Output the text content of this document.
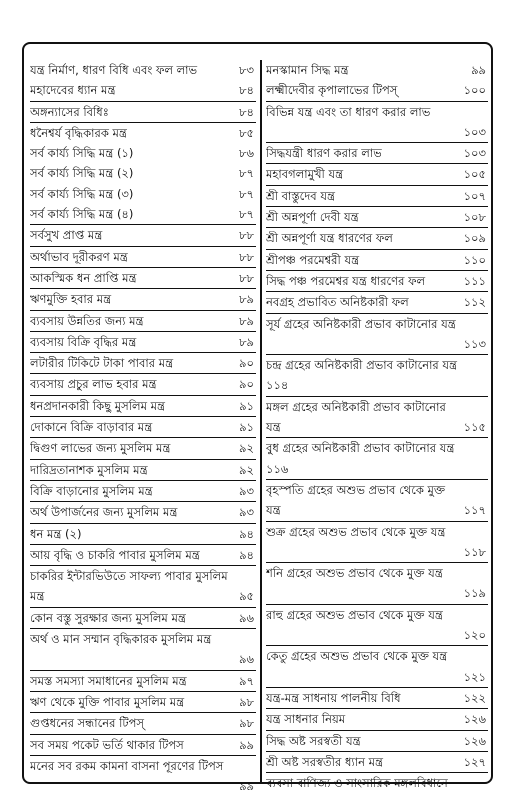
যন্ত্র নির্মাণ, ধারণ বিধি এবং ফল লাভ	৮৩
মহাদেবের ধ্যান মন্ত্র	৮৪
অঙ্গন্যাসের বিধিঃ	৮৪
ধনৈশ্বর্য বৃদ্ধিকারক মন্ত্র	৮৫
সর্ব কার্য্য সিদ্ধি মন্ত্র (১)	৮৬
সর্ব কার্য্য সিদ্ধি মন্ত্র (২)	৮৭
সর্ব কার্য্য সিদ্ধি মন্ত্র (৩)	৮৭
সর্ব কার্য্য সিদ্ধি মন্ত্র (৪)	৮৭
সর্বসুখ প্রাপ্ত মন্ত্র	৮৮
অর্থাভাব দূরীকরণ মন্ত্র	৮৮
আকস্মিক ধন প্রাপ্তি মন্ত্র	৮৮
ঋণমুক্তি হবার মন্ত্র	৮৯
ব্যবসায় উন্নতির জন্য মন্ত্র	৮৯
ব্যবসায় বিক্রি বৃদ্ধির মন্ত্র	৮৯
লটারীর টিকিটে টাকা পাবার মন্ত্র	৯০
ব্যবসায় প্রচুর লাভ হবার মন্ত্র	৯০
ধনপ্রদানকারী কিছু মুসলিম মন্ত্র	৯১
দোকানে বিক্রি বাড়াবার মন্ত্র	৯১
দ্বিগুণ লাভের জন্য মুসলিম মন্ত্র	৯২
দারিদ্রতানাশক মুসলিম মন্ত্র	৯২
বিক্রি বাড়ানোর মুসলিম মন্ত্র	৯৩
অর্থ উপার্জনের জন্য মুসলিম মন্ত্র	৯৩
ধন মন্ত্র (২)	৯৪
আয় বৃদ্ধি ও চাকরি পাবার মুসলিম মন্ত্র	৯৪
চাকরির ইন্টারভিউতে সাফল্য পাবার মুসলিম
মন্ত্র	৯৫
কোন বস্তু সুরক্ষার জন্য মুসলিম মন্ত্র	৯৬
অর্থ ও মান সম্মান বৃদ্ধিকারক মুসলিম মন্ত্র
৯৬
সমস্ত সমস্যা সমাধানের মুসলিম মন্ত্র	৯৭
ঋণ থেকে মুক্তি পাবার মুসলিম মন্ত্র	৯৮
গুপ্তধনের সন্ধানের টিপস্	৯৮
সব সময় পকেট ভর্তি থাকার টিপস	৯৯
মনের সব রকম কামনা বাসনা পূরণের টিপস
৯৯
মনস্কামান সিদ্ধ মন্ত্র	৯৯
লক্ষ্মীদেবীর কৃপালাভের টিপস্	১০০
বিভিন্ন যন্ত্র এবং তা ধারণ করার লাভ
১০৩
সিদ্ধযন্ত্রী ধারণ করার লাভ	১০৩
মহাবগলামুখী যন্ত্র	১০৫
শ্রী বাস্তুদেব যন্ত্র	১০৭
শ্রী অন্নপূর্ণা দেবী যন্ত্র	১০৮
শ্রী অন্নপূর্ণা যন্ত্র ধারণের ফল	১০৯
শ্রীপঞ্চ পরমেশ্বরী যন্ত্র	১১০
সিদ্ধ পঞ্চ পরমেশ্বর যন্ত্র ধারণের ফল	১১১
নবগ্রহ প্রভাবিত অনিষ্টকারী ফল	১১২
সূর্য গ্রহের অনিষ্টকারী প্রভাব কাটানোর যন্ত্র
১১৩
চন্দ্র গ্রহের অনিষ্টকারী প্রভাব কাটানোর যন্ত্র
১১৪
মঙ্গল গ্রহের অনিষ্টকারী প্রভাব কাটানোর
যন্ত্র	১১৫
বুধ গ্রহের অনিষ্টকারী প্রভাব কাটানোর যন্ত্র
১১৬
বৃহস্পতি গ্রহের অশুভ প্রভাব থেকে মুক্ত
যন্ত্র	১১৭
শুক্র গ্রহের অশুভ প্রভাব থেকে মুক্ত যন্ত্র
১১৮
শনি গ্রহের অশুভ প্রভাব থেকে মুক্ত যন্ত্র
১১৯
রাহু গ্রহের অশুভ প্রভাব থেকে মুক্ত যন্ত্র
১২০
কেতু গ্রহের অশুভ প্রভাব থেকে মুক্ত যন্ত্র
১২১
যন্ত্র-মন্ত্র সাধনায় পালনীয় বিধি	১২২
যন্ত্র সাধনার নিয়ম	১২৬
সিদ্ধ অষ্ট সরস্বতী যন্ত্র	১২৬
শ্রী অষ্ট সরস্বতীর ধ্যান মন্ত্র	১২৭
ব্যবসা বাণিজ্য ও সাংসারিক মঙ্গলবিধানে
